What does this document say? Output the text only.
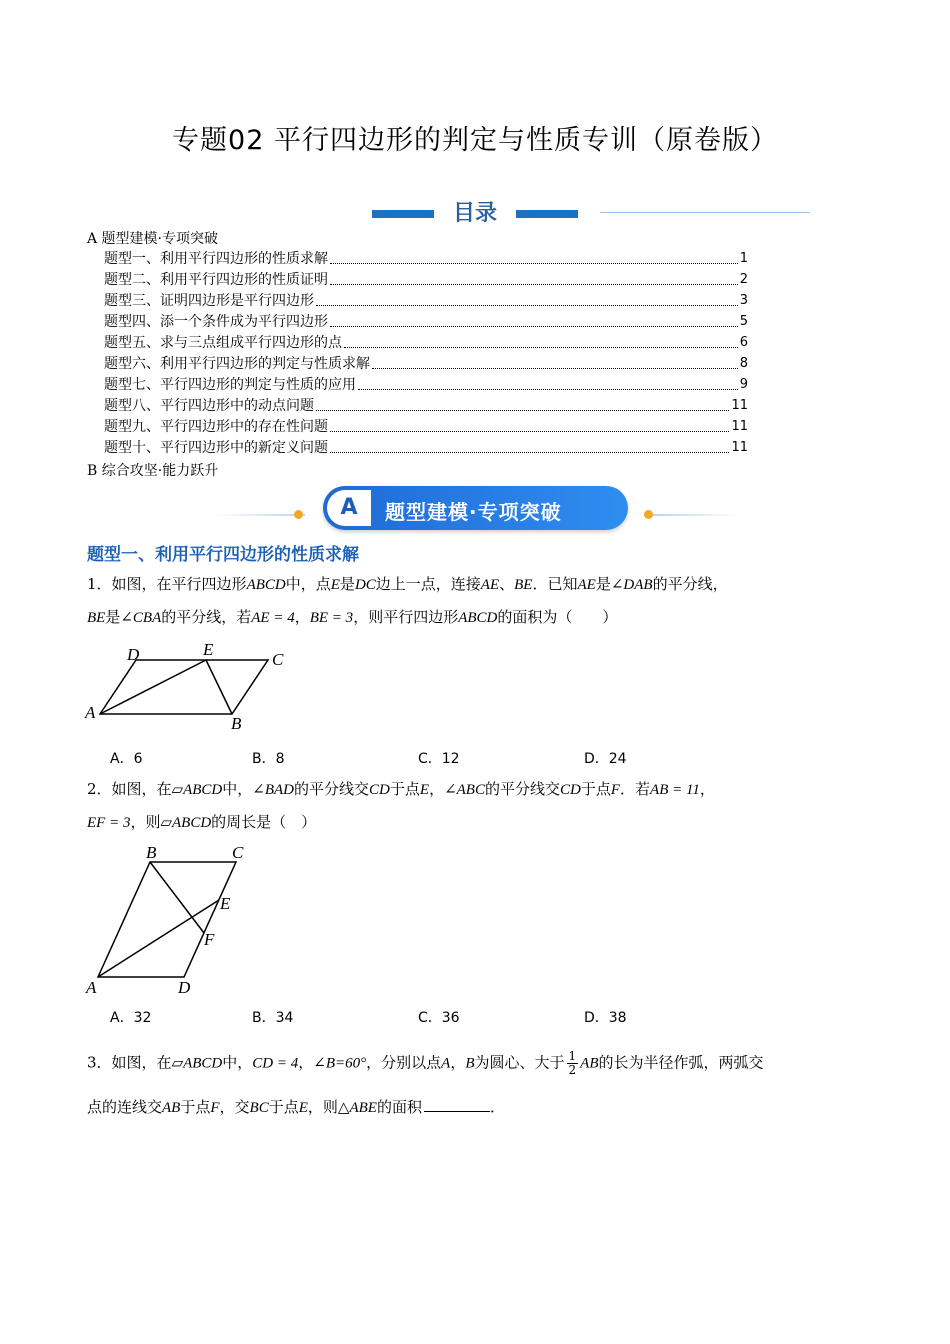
专题02 平行四边形的判定与性质专训（原卷版）
目录
A 题型建模·专项突破
题型一、利用平行四边形的性质求解	1
题型二、利用平行四边形的性质证明	2
题型三、证明四边形是平行四边形	3
题型四、添一个条件成为平行四边形	5
题型五、求与三点组成平行四边形的点	6
题型六、利用平行四边形的判定与性质求解	8
题型七、平行四边形的判定与性质的应用	9
题型八、平行四边形中的动点问题	11
题型九、平行四边形中的存在性问题	11
题型十、平行四边形中的新定义问题	11
B 综合攻坚·能力跃升
A	题型建模·专项突破
题型一、利用平行四边形的性质求解
1．如图，在平行四边形ABCD中，点E是DC边上一点，连接AE、BE．已知AE是∠DAB的平分线，
BE是∠CBA的平分线，若AE = 4，BE = 3，则平行四边形ABCD的面积为（　　）
D	E
C
A
B
A．6	B．8	C．12	D．24
2．如图，在▱ABCD中，∠BAD的平分线交CD于点E，∠ABC的平分线交CD于点F．若AB = 11，
EF = 3，则▱ABCD的周长是（　）
B	C
E
F
A	D
A．32	B．34	C．36	D．38
3．如图，在▱ABCD中，CD = 4，∠B=60°，分别以点A，B为圆心、大于 $\frac{1}{2}$ AB的长为半径作弧，两弧交
点的连线交AB于点F，交BC于点E，则△ABE的面积	．
